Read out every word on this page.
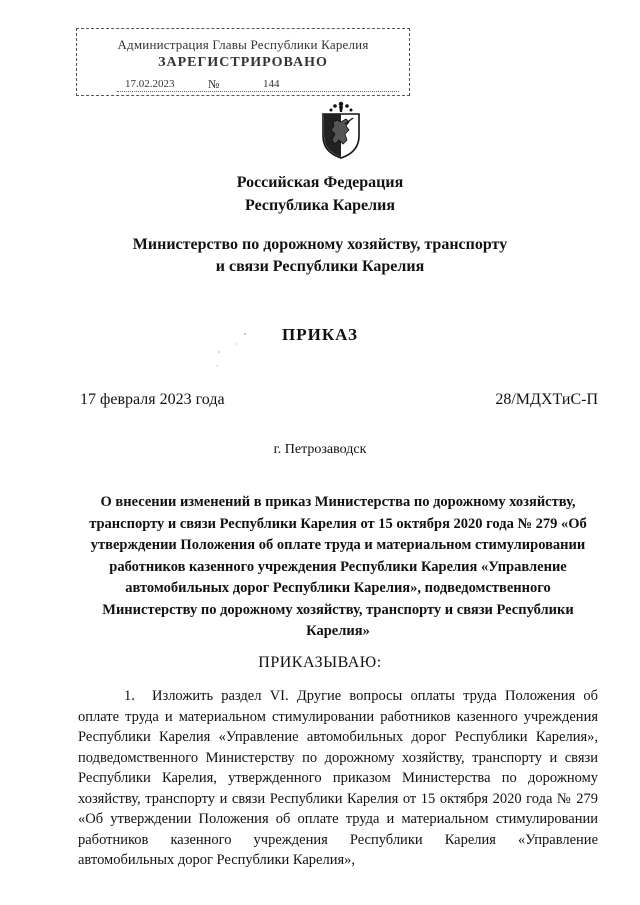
Администрация Главы Республики Карелия
ЗАРЕГИСТРИРОВАНО
17.02.2023	№	144
Российская Федерация
Республика Карелия
Министерство по дорожному хозяйству, транспорту
и связи Республики Карелия
ПРИКАЗ
17 февраля 2023 года	28/МДХТиС-П
г. Петрозаводск
О внесении изменений в приказ Министерства по дорожному хозяйству, транспорту и связи Республики Карелия от 15 октября 2020 года № 279 «Об утверждении Положения об оплате труда и материальном стимулировании работников казенного учреждения Республики Карелия «Управление автомобильных дорог Республики Карелия», подведомственного Министерству по дорожному хозяйству, транспорту и связи Республики Карелия»
ПРИКАЗЫВАЮ:
1. Изложить раздел VI. Другие вопросы оплаты труда Положения об оплате труда и материальном стимулировании работников казенного учреждения Республики Карелия «Управление автомобильных дорог Республики Карелия», подведомственного Министерству по дорожному хозяйству, транспорту и связи Республики Карелия, утвержденного приказом Министерства по дорожному хозяйству, транспорту и связи Республики Карелия от 15 октября 2020 года № 279 «Об утверждении Положения об оплате труда и материальном стимулировании работников казенного учреждения Республики Карелия «Управление автомобильных дорог Республики Карелия»,
